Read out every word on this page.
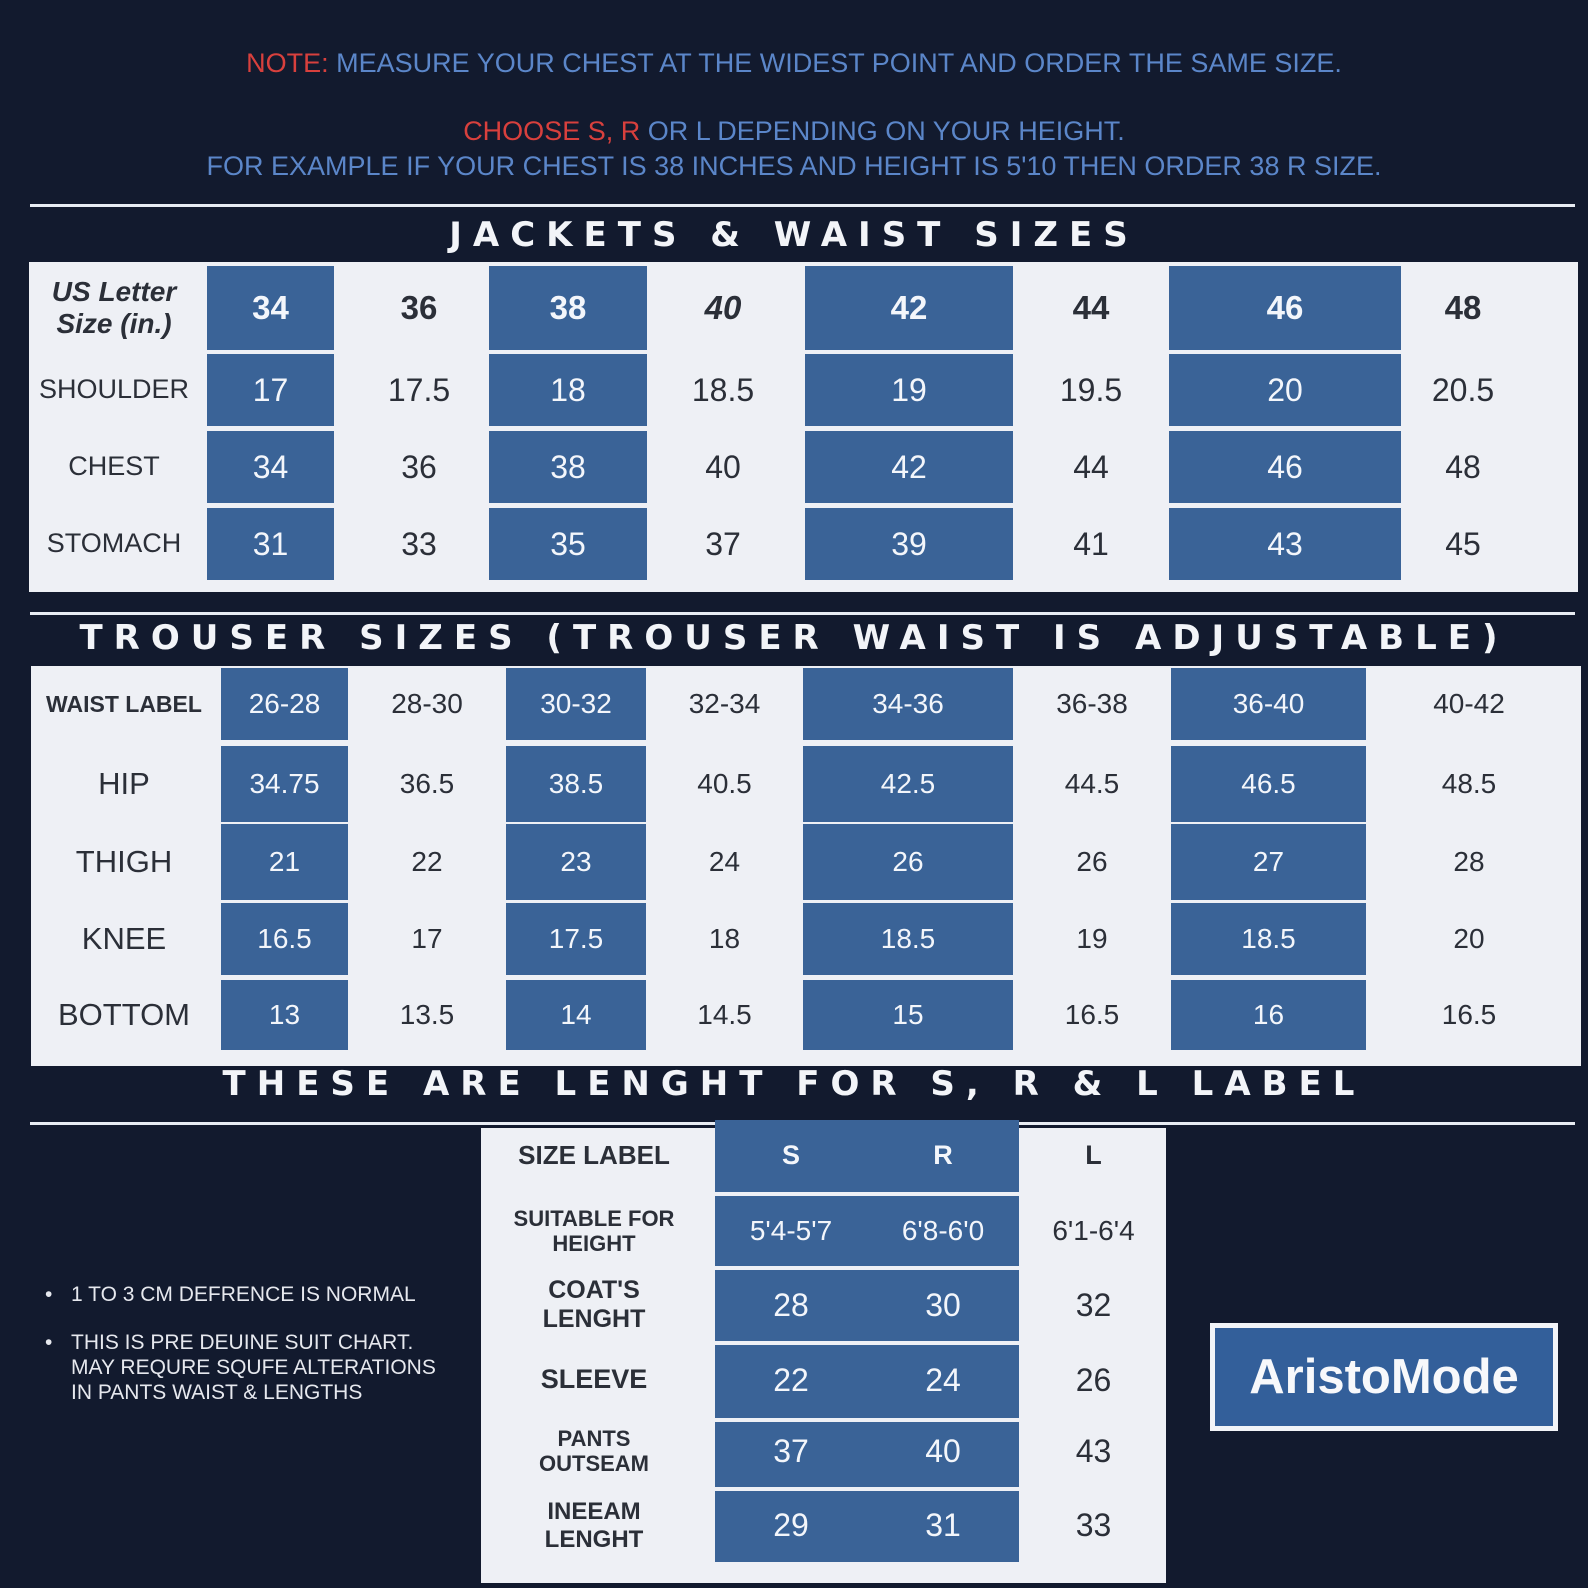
NOTE: MEASURE YOUR CHEST AT THE WIDEST POINT AND ORDER THE SAME SIZE.
CHOOSE S, R OR L DEPENDING ON YOUR HEIGHT.
FOR EXAMPLE IF YOUR CHEST IS 38 INCHES AND HEIGHT IS 5'10 THEN ORDER 38 R SIZE.
JACKETS & WAIST SIZES
US Letter
Size (in.)	34	36	38	40	42	44	46	48
SHOULDER	17	17.5	18	18.5	19	19.5	20	20.5
CHEST	34	36	38	40	42	44	46	48
STOMACH	31	33	35	37	39	41	43	45
TROUSER SIZES (TROUSER WAIST IS ADJUSTABLE)
WAIST LABEL	26-28	28-30	30-32	32-34	34-36	36-38	36-40	40-42
HIP	34.75	36.5	38.5	40.5	42.5	44.5	46.5	48.5
THIGH	21	22	23	24	26	26	27	28
KNEE	16.5	17	17.5	18	18.5	19	18.5	20
BOTTOM	13	13.5	14	14.5	15	16.5	16	16.5
THESE ARE LENGHT FOR S, R & L LABEL
SIZE LABEL	S	R	L
SUITABLE FOR
HEIGHT	5'4-5'7	6'8-6'0	6'1-6'4
COAT'S
LENGHT	28	30	32
SLEEVE	22	24	26
PANTS
OUTSEAM	37	40	43
INEEAM
LENGHT	29	31	33
• 1 TO 3 CM DEFRENCE IS NORMAL
• THIS IS PRE DEUINE SUIT CHART. MAY REQURE SQUFE ALTERATIONS IN PANTS WAIST & LENGTHS	AristoMode
